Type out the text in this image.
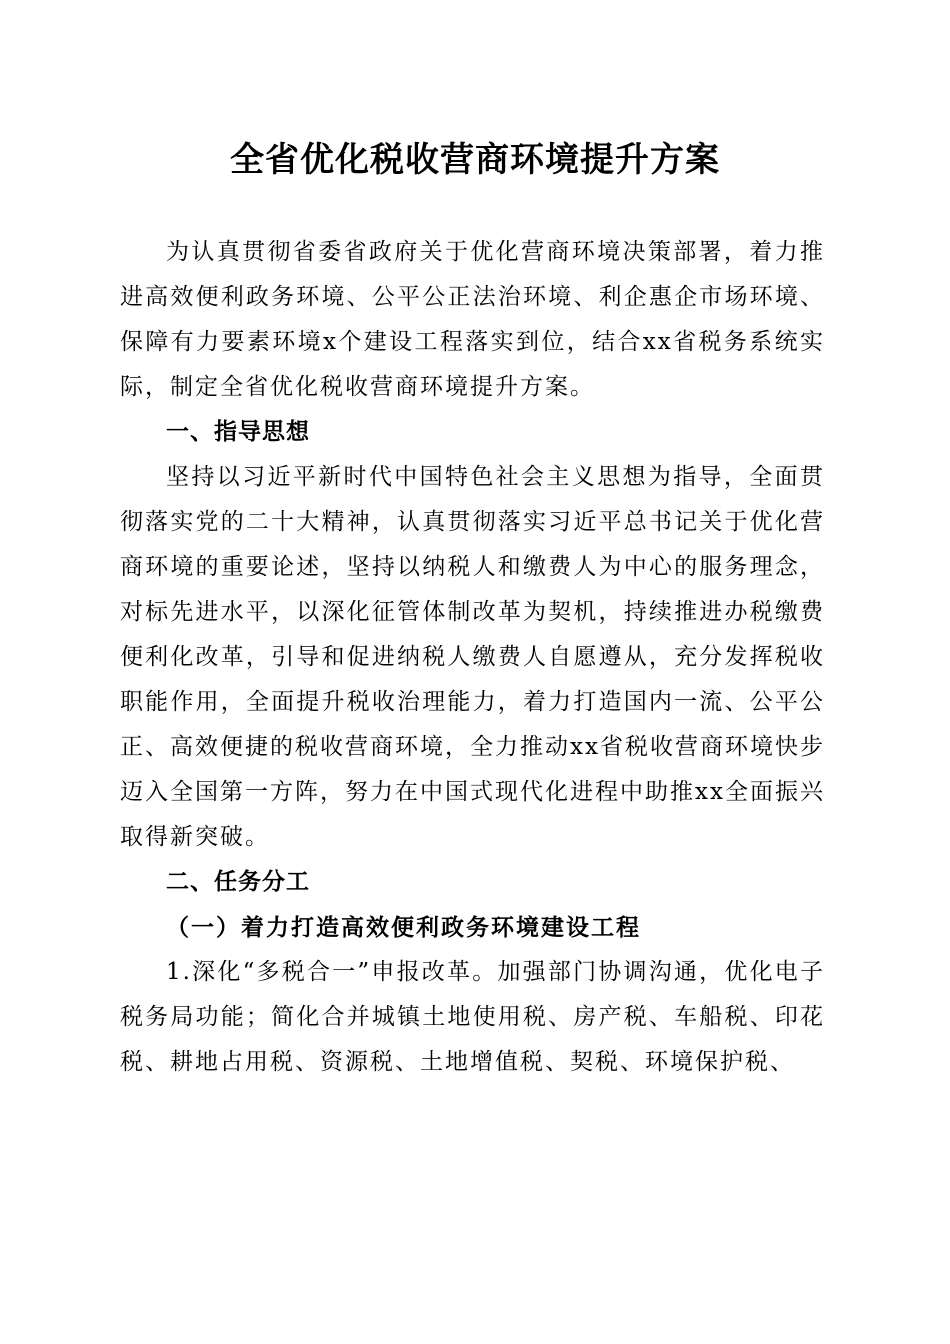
全省优化税收营商环境提升方案

为认真贯彻省委省政府关于优化营商环境决策部署，着力推进高效便利政务环境、公平公正法治环境、利企惠企市场环境、保障有力要素环境x个建设工程落实到位，结合xx省税务系统实际，制定全省优化税收营商环境提升方案。

一、指导思想

坚持以习近平新时代中国特色社会主义思想为指导，全面贯彻落实党的二十大精神，认真贯彻落实习近平总书记关于优化营商环境的重要论述，坚持以纳税人和缴费人为中心的服务理念，对标先进水平，以深化征管体制改革为契机，持续推进办税缴费便利化改革，引导和促进纳税人缴费人自愿遵从，充分发挥税收职能作用，全面提升税收治理能力，着力打造国内一流、公平公正、高效便捷的税收营商环境，全力推动xx省税收营商环境快步迈入全国第一方阵，努力在中国式现代化进程中助推xx全面振兴取得新突破。

二、任务分工

（一）着力打造高效便利政务环境建设工程

1.深化“多税合一”申报改革。加强部门协调沟通，优化电子税务局功能；简化合并城镇土地使用税、房产税、车船税、印花税、耕地占用税、资源税、土地增值税、契税、环境保护税、
